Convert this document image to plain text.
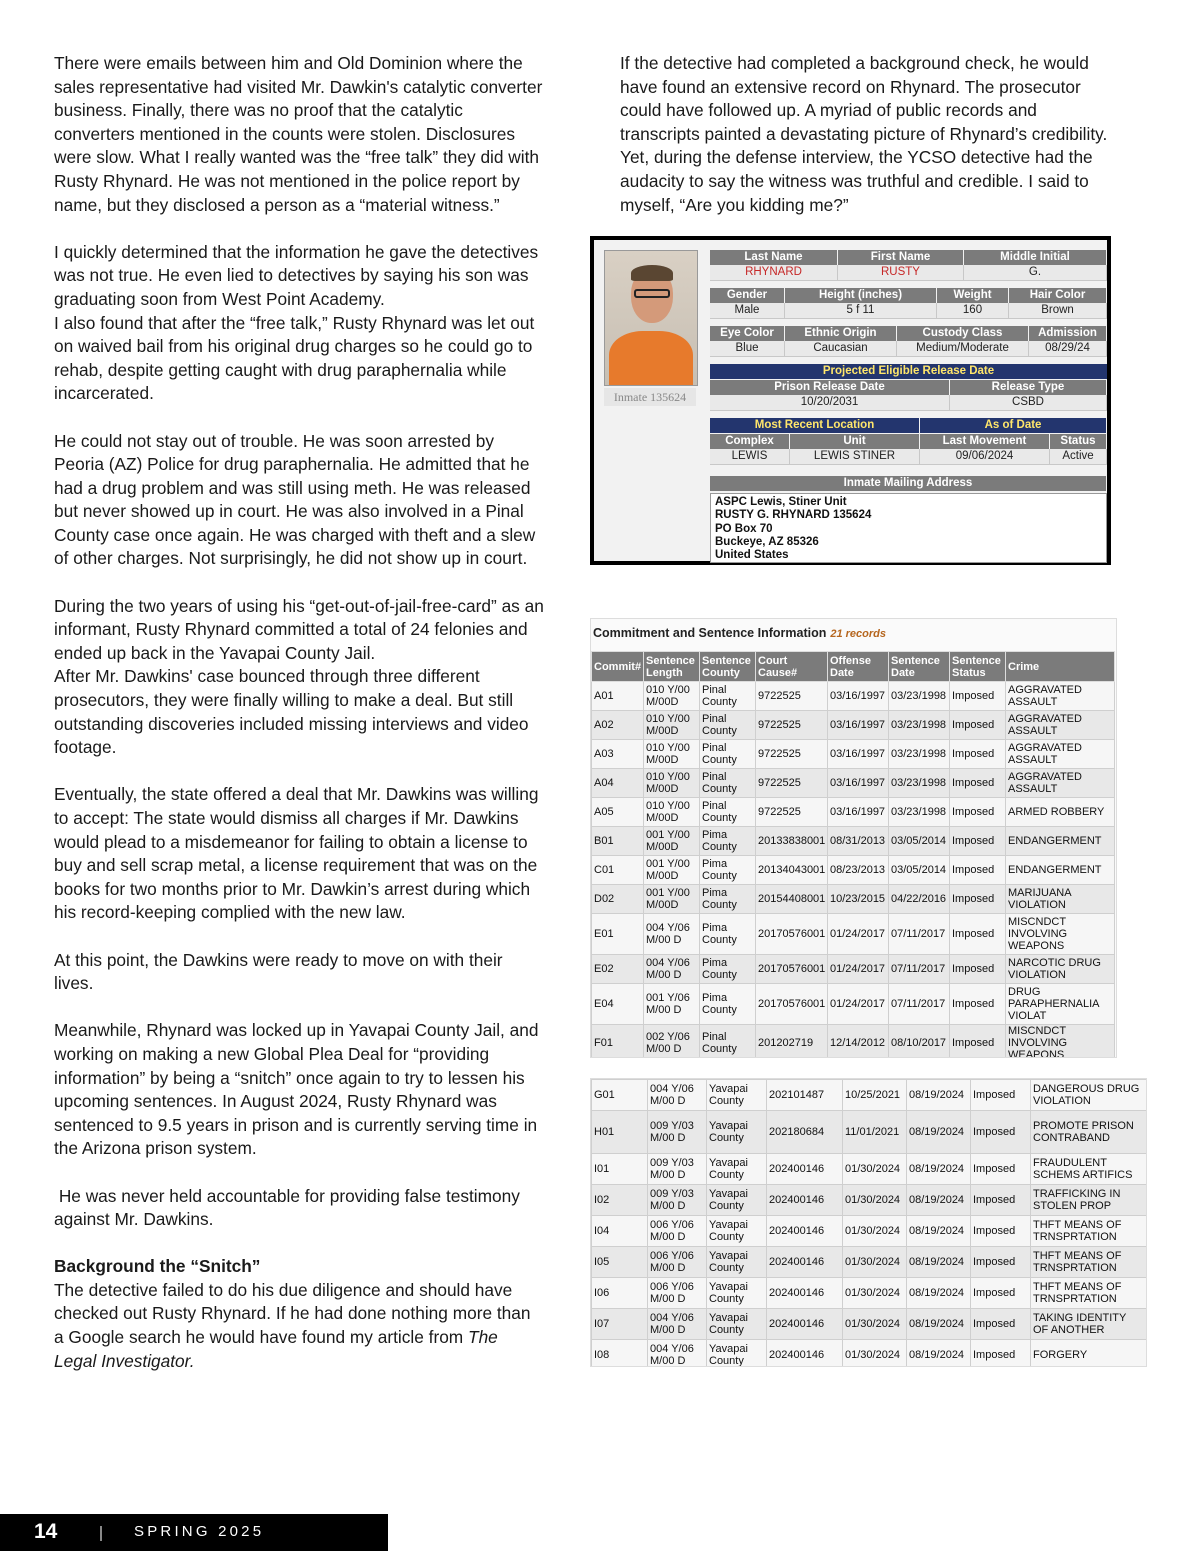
There were emails between him and Old Dominion where the sales representative had visited Mr. Dawkin's catalytic converter business. Finally, there was no proof that the catalytic converters mentioned in the counts were stolen. Disclosures were slow. What I really wanted was the “free talk” they did with Rusty Rhynard. He was not mentioned in the police report by name, but they disclosed a person as a “material witness.”

I quickly determined that the information he gave the detectives was not true. He even lied to detectives by saying his son was graduating soon from West Point Academy.

I also found that after the “free talk,” Rusty Rhynard was let out on waived bail from his original drug charges so he could go to rehab, despite getting caught with drug paraphernalia while incarcerated.

He could not stay out of trouble. He was soon arrested by Peoria (AZ) Police for drug paraphernalia. He admitted that he had a drug problem and was still using meth. He was released but never showed up in court. He was also involved in a Pinal County case once again. He was charged with theft and a slew of other charges. Not surprisingly, he did not show up in court.

During the two years of using his “get-out-of-jail-free-card” as an informant, Rusty Rhynard committed a total of 24 felonies and ended up back in the Yavapai County Jail.

After Mr. Dawkins' case bounced through three different prosecutors, they were finally willing to make a deal. But still outstanding discoveries included missing interviews and video footage.

Eventually, the state offered a deal that Mr. Dawkins was willing to accept: The state would dismiss all charges if Mr. Dawkins would plead to a misdemeanor for failing to obtain a license to buy and sell scrap metal, a license requirement that was on the books for two months prior to Mr. Dawkin’s arrest during which his record-keeping complied with the new law.

At this point, the Dawkins were ready to move on with their lives.

Meanwhile, Rhynard was locked up in Yavapai County Jail, and working on making a new Global Plea Deal for “providing information” by being a “snitch” once again to try to lessen his upcoming sentences. In August 2024, Rusty Rhynard was sentenced to 9.5 years in prison and is currently serving time in the Arizona prison system.

He was never held accountable for providing false testimony against Mr. Dawkins.

Background the “Snitch”

The detective failed to do his due diligence and should have checked out Rusty Rhynard. If he had done nothing more than a Google search he would have found my article from The Legal Investigator.

If the detective had completed a background check, he would have found an extensive record on Rhynard. The prosecutor could have followed up. A myriad of public records and transcripts painted a devastating picture of Rhynard’s credibility. Yet, during the defense interview, the YCSO detective had the audacity to say the witness was truthful and credible. I said to myself, “Are you kidding me?”

Inmate 135624
Last Name	First Name	Middle Initial
RHYNARD	RUSTY	G.
Gender	Height (inches)	Weight	Hair Color
Male	5 f 11	160	Brown
Eye Color	Ethnic Origin	Custody Class	Admission
Blue	Caucasian	Medium/Moderate	08/29/24
Projected Eligible Release Date
Prison Release Date	Release Type
10/20/2031	CSBD
Most Recent Location	As of Date
Complex	Unit	Last Movement	Status
LEWIS	LEWIS STINER	09/06/2024	Active
Inmate Mailing Address
ASPC Lewis, Stiner Unit
RUSTY G. RHYNARD 135624
PO Box 70
Buckeye, AZ 85326
United States
Commitment and Sentence Information 21 records
Commit#	Sentence Length	Sentence County	Court Cause#	Offense Date	Sentence Date	Sentence Status	Crime
A01	010 Y/00 M/00D	Pinal County	9722525	03/16/1997	03/23/1998	Imposed	AGGRAVATED ASSAULT
A02	010 Y/00 M/00D	Pinal County	9722525	03/16/1997	03/23/1998	Imposed	AGGRAVATED ASSAULT
A03	010 Y/00 M/00D	Pinal County	9722525	03/16/1997	03/23/1998	Imposed	AGGRAVATED ASSAULT
A04	010 Y/00 M/00D	Pinal County	9722525	03/16/1997	03/23/1998	Imposed	AGGRAVATED ASSAULT
A05	010 Y/00 M/00D	Pinal County	9722525	03/16/1997	03/23/1998	Imposed	ARMED ROBBERY
B01	001 Y/00 M/00D	Pima County	20133838001	08/31/2013	03/05/2014	Imposed	ENDANGERMENT
C01	001 Y/00 M/00D	Pima County	20134043001	08/23/2013	03/05/2014	Imposed	ENDANGERMENT
D02	001 Y/00 M/00D	Pima County	20154408001	10/23/2015	04/22/2016	Imposed	MARIJUANA VIOLATION
E01	004 Y/06 M/00 D	Pima County	20170576001	01/24/2017	07/11/2017	Imposed	MISCNDCT INVOLVING WEAPONS
E02	004 Y/06 M/00 D	Pima County	20170576001	01/24/2017	07/11/2017	Imposed	NARCOTIC DRUG VIOLATION
E04	001 Y/06 M/00 D	Pima County	20170576001	01/24/2017	07/11/2017	Imposed	DRUG PARAPHERNALIA VIOLAT
F01	002 Y/06 M/00 D	Pinal County	201202719	12/14/2012	08/10/2017	Imposed	MISCNDCT INVOLVING WEAPONS
G01	004 Y/06 M/00 D	Yavapai County	202101487	10/25/2021	08/19/2024	Imposed	DANGEROUS DRUG VIOLATION
H01	009 Y/03 M/00 D	Yavapai County	202180684	11/01/2021	08/19/2024	Imposed	PROMOTE PRISON CONTRABAND
I01	009 Y/03 M/00 D	Yavapai County	202400146	01/30/2024	08/19/2024	Imposed	FRAUDULENT SCHEMS ARTIFICS
I02	009 Y/03 M/00 D	Yavapai County	202400146	01/30/2024	08/19/2024	Imposed	TRAFFICKING IN STOLEN PROP
I04	006 Y/06 M/00 D	Yavapai County	202400146	01/30/2024	08/19/2024	Imposed	THFT MEANS OF TRNSPRTATION
I05	006 Y/06 M/00 D	Yavapai County	202400146	01/30/2024	08/19/2024	Imposed	THFT MEANS OF TRNSPRTATION
I06	006 Y/06 M/00 D	Yavapai County	202400146	01/30/2024	08/19/2024	Imposed	THFT MEANS OF TRNSPRTATION
I07	004 Y/06 M/00 D	Yavapai County	202400146	01/30/2024	08/19/2024	Imposed	TAKING IDENTITY OF ANOTHER
I08	004 Y/06 M/00 D	Yavapai County	202400146	01/30/2024	08/19/2024	Imposed	FORGERY
14	SPRING 2025
